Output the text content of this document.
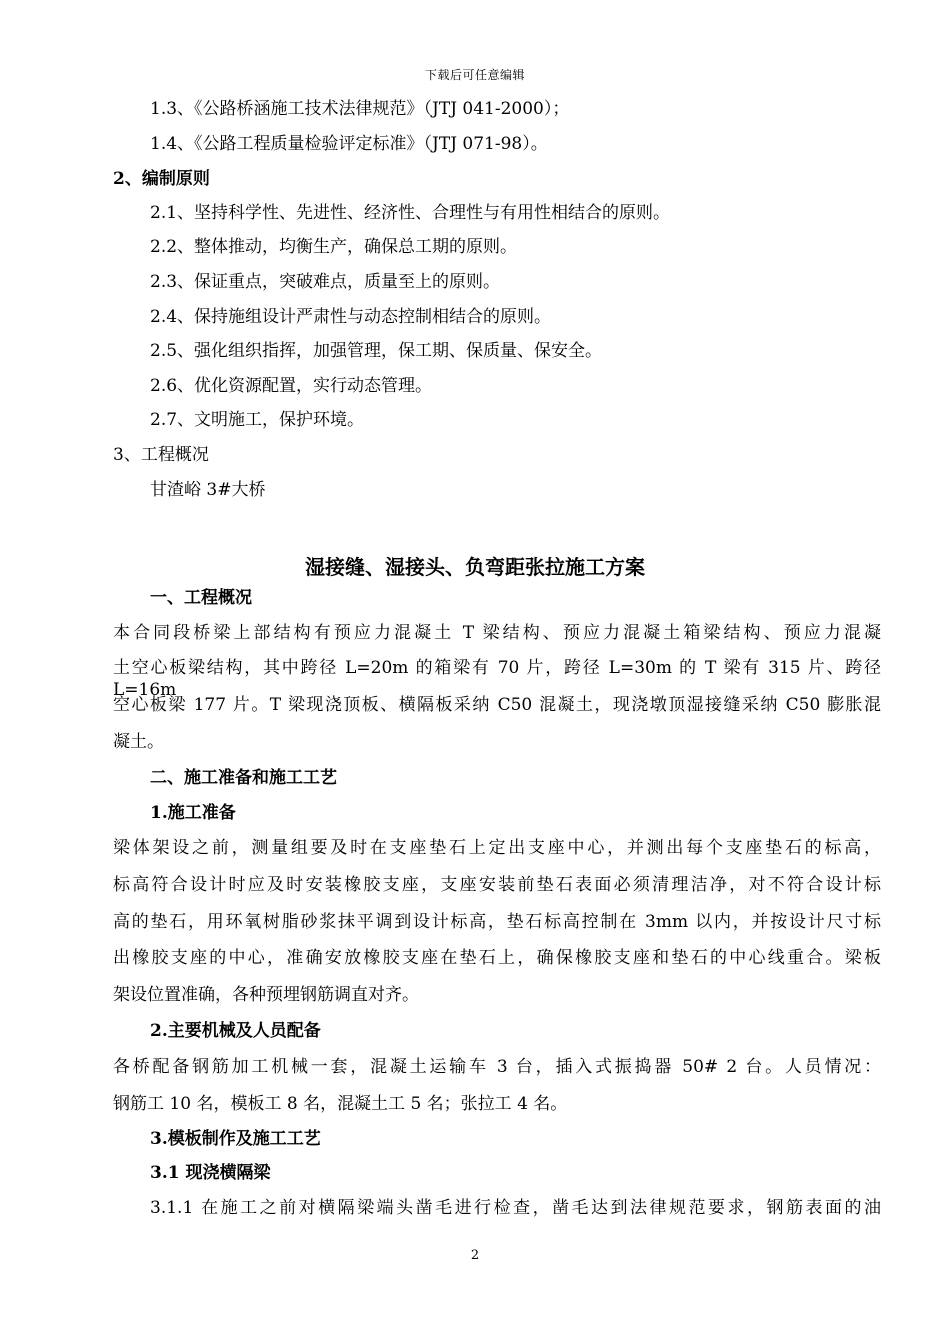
下载后可任意编辑
1.3、《公路桥涵施工技术法律规范》（JTJ 041-2000）；
1.4、《公路工程质量检验评定标准》（JTJ 071-98）。
2、编制原则
2.1、坚持科学性、先进性、经济性、合理性与有用性相结合的原则。
2.2、整体推动，均衡生产，确保总工期的原则。
2.3、保证重点，突破难点，质量至上的原则。
2.4、保持施组设计严肃性与动态控制相结合的原则。
2.5、强化组织指挥，加强管理，保工期、保质量、保安全。
2.6、优化资源配置，实行动态管理。
2.7、文明施工，保护环境。
3、工程概况
甘渣峪 3#大桥
湿接缝、湿接头、负弯距张拉施工方案
一、工程概况
本合同段桥梁上部结构有预应力混凝土 T 梁结构、预应力混凝土箱梁结构、预应力混凝
土空心板梁结构，其中跨径 L=20m 的箱梁有 70 片，跨径 L=30m 的 T 梁有 315 片、跨径 L=16m
空心板梁 177 片。T 梁现浇顶板、横隔板采纳 C50 混凝土，现浇墩顶湿接缝采纳 C50 膨胀混
凝土。
二、施工准备和施工工艺
1.施工准备
梁体架设之前，测量组要及时在支座垫石上定出支座中心，并测出每个支座垫石的标高，
标高符合设计时应及时安装橡胶支座，支座安装前垫石表面必须清理洁净，对不符合设计标
高的垫石，用环氧树脂砂浆抹平调到设计标高，垫石标高控制在 3mm 以内，并按设计尺寸标
出橡胶支座的中心，准确安放橡胶支座在垫石上，确保橡胶支座和垫石的中心线重合。梁板
架设位置准确，各种预埋钢筋调直对齐。
2.主要机械及人员配备
各桥配备钢筋加工机械一套，混凝土运输车 3 台，插入式振捣器 50# 2 台。人员情况：
钢筋工 10 名，模板工 8 名，混凝土工 5 名；张拉工 4 名。
3.模板制作及施工工艺
3.1 现浇横隔梁
3.1.1 在施工之前对横隔梁端头凿毛进行检查，凿毛达到法律规范要求，钢筋表面的油
2
